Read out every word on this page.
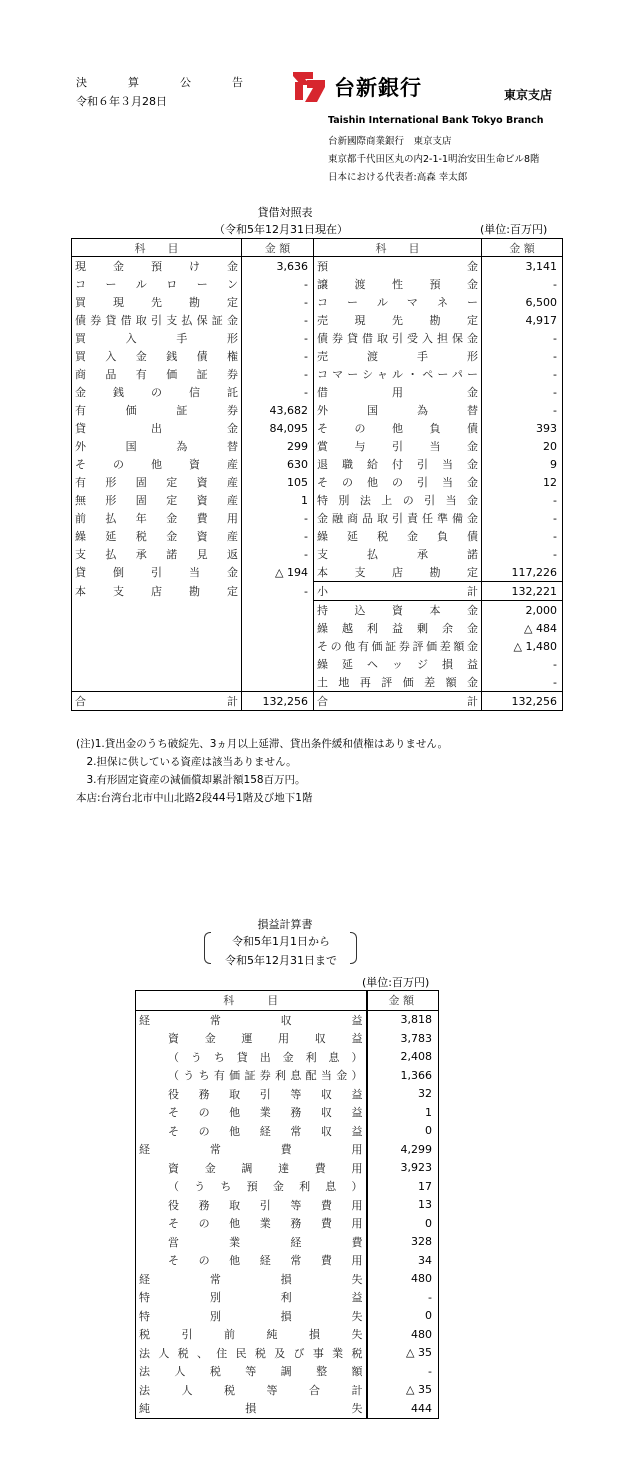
決	算	公	告
令和６年３月28日
台新銀行	東京支店
Taishin International Bank Tokyo Branch
台新國際商業銀行　東京支店
東京都千代田区丸の内2-1-1明治安田生命ビル8階
日本における代表者:高森 幸太郎
貸借対照表
（令和5年12月31日現在）	(単位:百万円)
科　　目	金 額	科　　目	金 額
現金預け金	3,636	預金	3,141
コールローン	-	譲渡性預金	-
買現先勘定	-	コールマネー	6,500
債券貸借取引支払保証金	-	売現先勘定	4,917
買入手形	-	債券貸借取引受入担保金	-
買入金銭債権	-	売渡手形	-
商品有価証券	-	コマーシャル・ペーパー	-
金銭の信託	-	借用金	-
有価証券	43,682	外国為替	-
貸出金	84,095	その他負債	393
外国為替	299	賞与引当金	20
その他資産	630	退職給付引当金	9
有形固定資産	105	その他の引当金	12
無形固定資産	1	特別法上の引当金	-
前払年金費用	-	金融商品取引責任準備金	-
繰延税金資産	-	繰延税金負債	-
支払承諾見返	-	支払承諾	-
貸倒引当金	△ 194	本支店勘定	117,226
本支店勘定	-	小計	132,221
		持込資本金	2,000
		繰越利益剰余金	△ 484
		その他有価証券評価差額金	△ 1,480
		繰延ヘッジ損益	-
		土地再評価差額金	-
合計	132,256	合計	132,256
(注)1.貸出金のうち破綻先、3ヵ月以上延滞、貸出条件緩和債権はありません。
　2.担保に供している資産は該当ありません。
　3.有形固定資産の減価償却累計額158百万円。
本店:台湾台北市中山北路2段44号1階及び地下1階
損益計算書
令和5年1月1日から
令和5年12月31日まで
(単位:百万円)
科　　　目	金 額
経常収益	3,818
資金運用収益	3,783
（うち貸出金利息）	2,408
（うち有価証券利息配当金）	1,366
役務取引等収益	32
その他業務収益	1
その他経常収益	0
経常費用	4,299
資金調達費用	3,923
（うち預金利息）	17
役務取引等費用	13
その他業務費用	0
営業経費	328
その他経常費用	34
経常損失	480
特別利益	-
特別損失	0
税引前純損失	480
法人税、住民税及び事業税	△ 35
法人税等調整額	-
法人税等合計	△ 35
純損失	444
